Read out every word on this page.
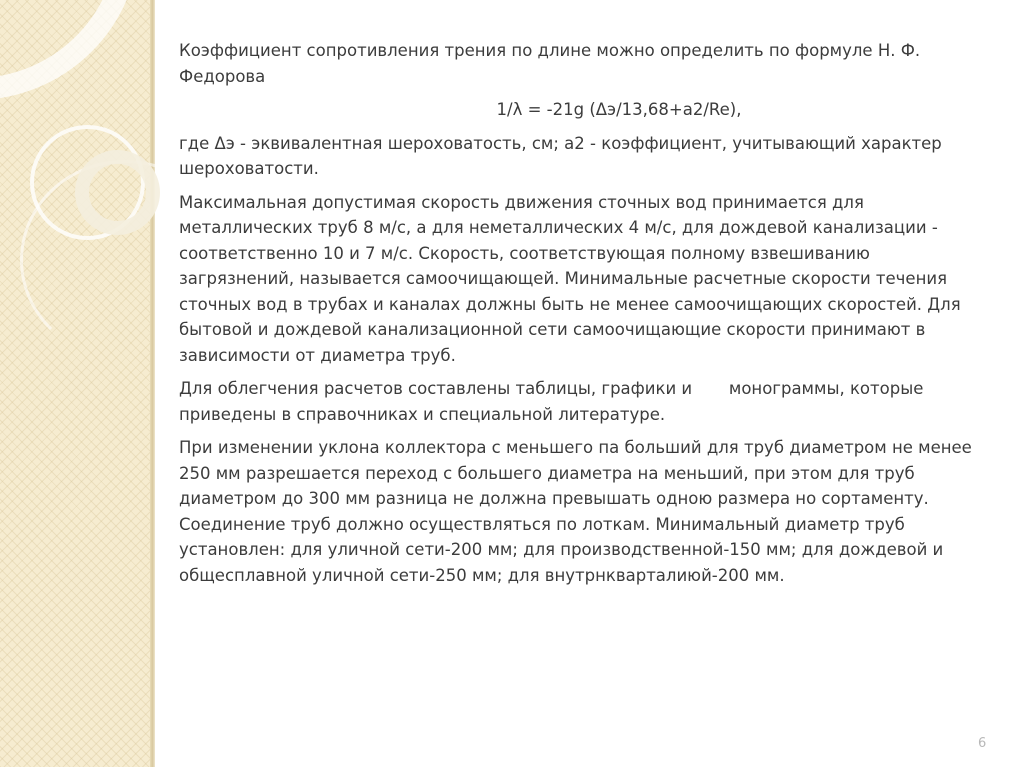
Коэффициент сопротивления трения по длине можно определить по формуле Н. Ф. Федорова

1/λ = -21g (Δэ/13,68+а2/Re),

где Δэ - эквивалентная шероховатость, см; а2 - коэффициент, учитывающий характер шероховатости.

Максимальная допустимая скорость движения сточных вод принимается для металлических труб 8 м/с, а для неметаллических 4 м/с, для дождевой канализации - соответственно 10 и 7 м/с. Скорость, соответствующая полному взвешиванию загрязнений, называется самоочищающей. Минимальные расчетные скорости течения сточных вод в трубах и каналах должны быть не менее самоочищающих скоростей. Для бытовой и дождевой канализационной сети самоочищающие скорости принимают в зависимости от диаметра труб.

Для облегчения расчетов составлены таблицы, графики и       монограммы, которые приведены в справочниках и специальной литературе.

При изменении уклона коллектора с меньшего па больший для труб диаметром не менее 250 мм разрешается переход с большего диаметра на меньший, при этом для труб диаметром до 300 мм разница не должна превышать одною размера но сортаменту. Соединение труб должно осуществляться по лоткам. Минимальный диаметр труб установлен: для уличной сети-200 мм; для производственной-150 мм; для дождевой и общесплавной уличной сети-250 мм; для внутрнкварталиюй-200 мм.

6
